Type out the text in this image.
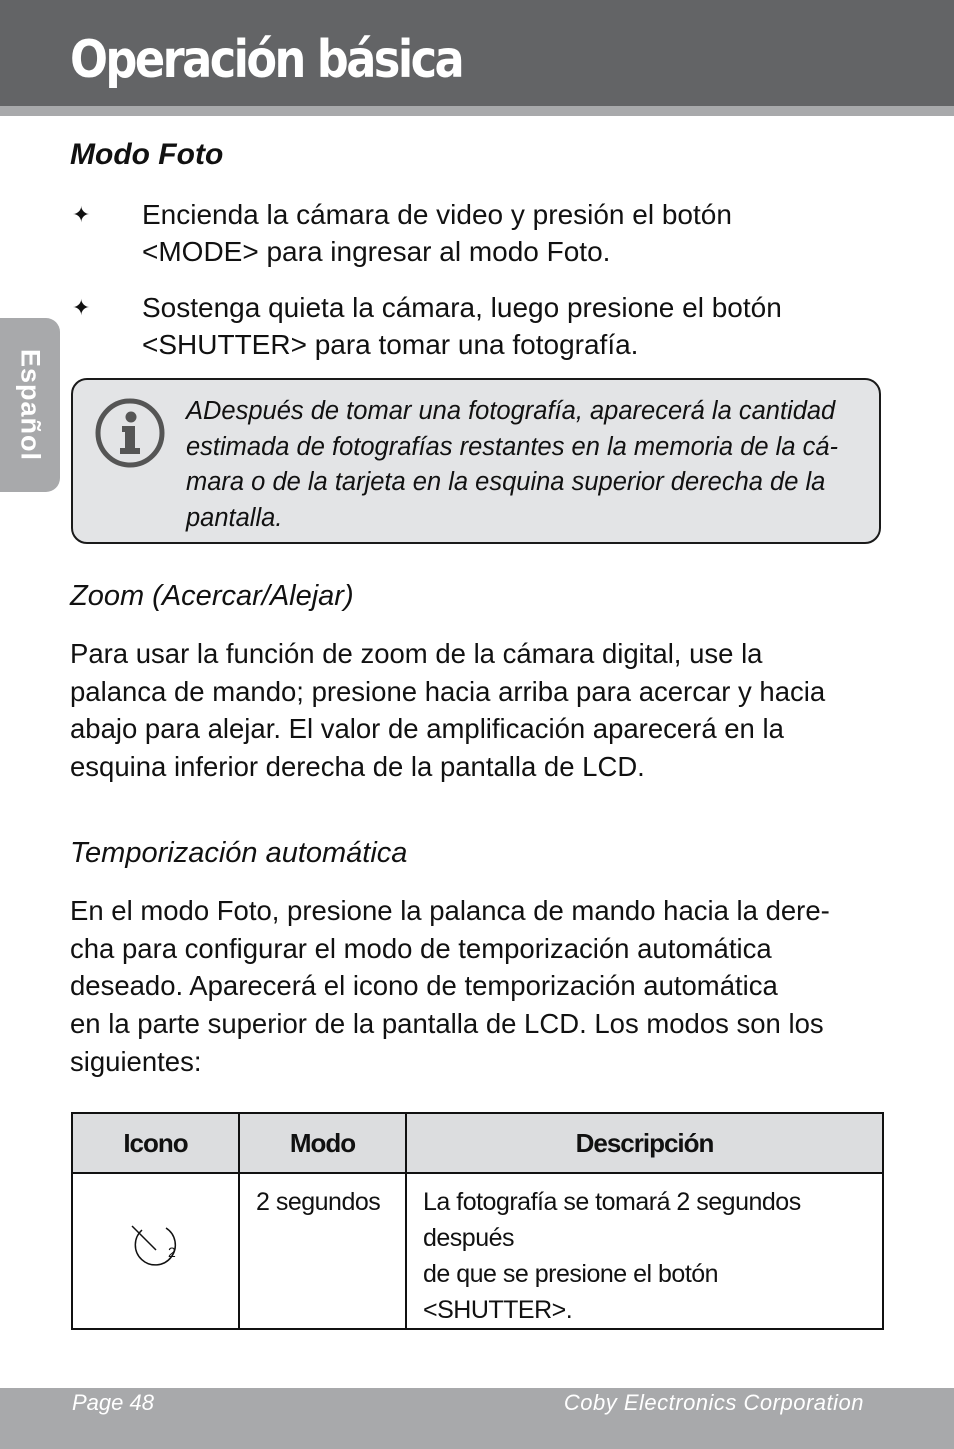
Operación básica
Español
Modo Foto
✦ Encienda la cámara de video y presión el botón
<MODE> para ingresar al modo Foto.
✦ Sostenga quieta la cámara, luego presione el botón
<SHUTTER> para tomar una fotografía.
ADespués de tomar una fotografía, aparecerá la cantidad
estimada de fotografías restantes en la memoria de la cá-
mara o de la tarjeta en la esquina superior derecha de la
pantalla.
Zoom (Acercar/Alejar)
Para usar la función de zoom de la cámara digital, use la
palanca de mando; presione hacia arriba para acercar y hacia
abajo para alejar. El valor de amplificación aparecerá en la
esquina inferior derecha de la pantalla de LCD.
Temporización automática
En el modo Foto, presione la palanca de mando hacia la dere-
cha para configurar el modo de temporización automática
deseado. Aparecerá el icono de temporización automática
en la parte superior de la pantalla de LCD. Los modos son los
siguientes:
Icono	Modo	Descripción

2	2 segundos	La fotografía se tomará 2 segundos después
de que se presione el botón <SHUTTER>.
Page 48	Coby Electronics Corporation
